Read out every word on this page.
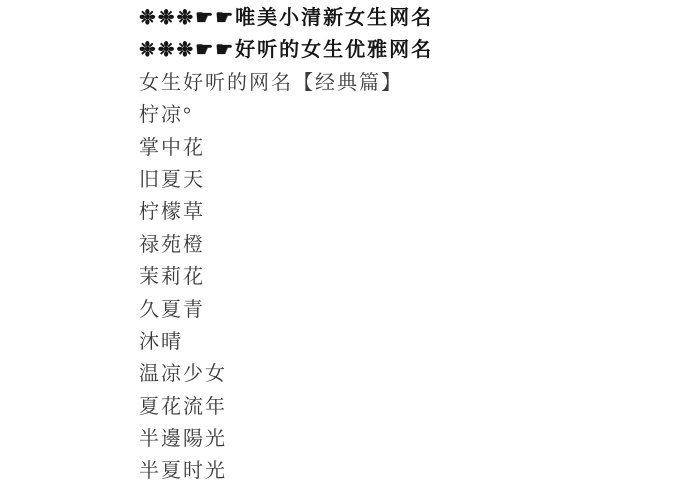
❉❉❉☛☛唯美小清新女生网名
❉❉❉☛☛好听的女生优雅网名
女生好听的网名【经典篇】
柠凉°
掌中花
旧夏天
柠檬草
禄苑橙
茉莉花
久夏青
沐晴
温凉少女
夏花流年
半邊陽光
半夏时光
